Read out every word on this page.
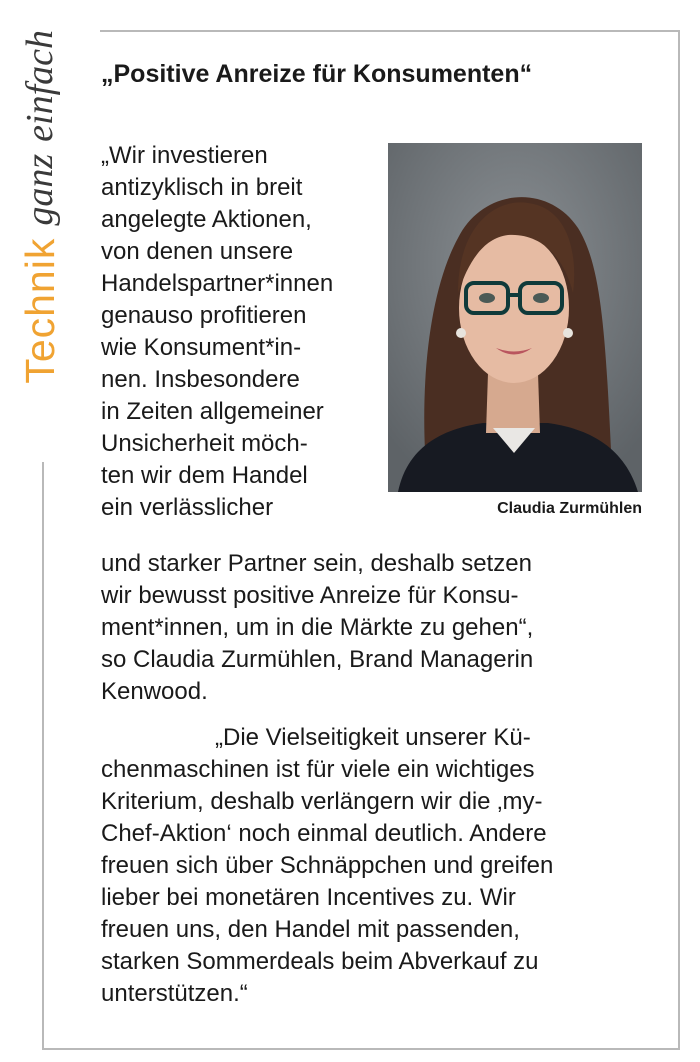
Technik
ganz
einfach „Positive Anreize für Konsumenten“
Claudia Zurmühlen

„Wir investieren

antizyklisch in breit

angelegte Aktionen,

von denen unsere

Handelspartner*innen

genauso profitieren

wie Konsument*in-

nen. Insbesondere

in Zeiten allgemeiner

Unsicherheit möch-

ten wir dem Handel

ein verlässlicher

und starker Partner sein, deshalb setzen

wir bewusst positive Anreize für Konsu-

ment*innen, um in die Märkte zu gehen“,

so Claudia Zurmühlen, Brand Managerin

Kenwood.

„Die Vielseitigkeit unserer Kü-

chenmaschinen ist für viele ein wichtiges

Kriterium, deshalb verlängern wir die ‚my-

Chef-Aktion‘ noch einmal deutlich. Andere

freuen sich über Schnäppchen und greifen

lieber bei monetären Incentives zu. Wir

freuen uns, den Handel mit passenden,

starken Sommerdeals beim Abverkauf zu

unterstützen.“
